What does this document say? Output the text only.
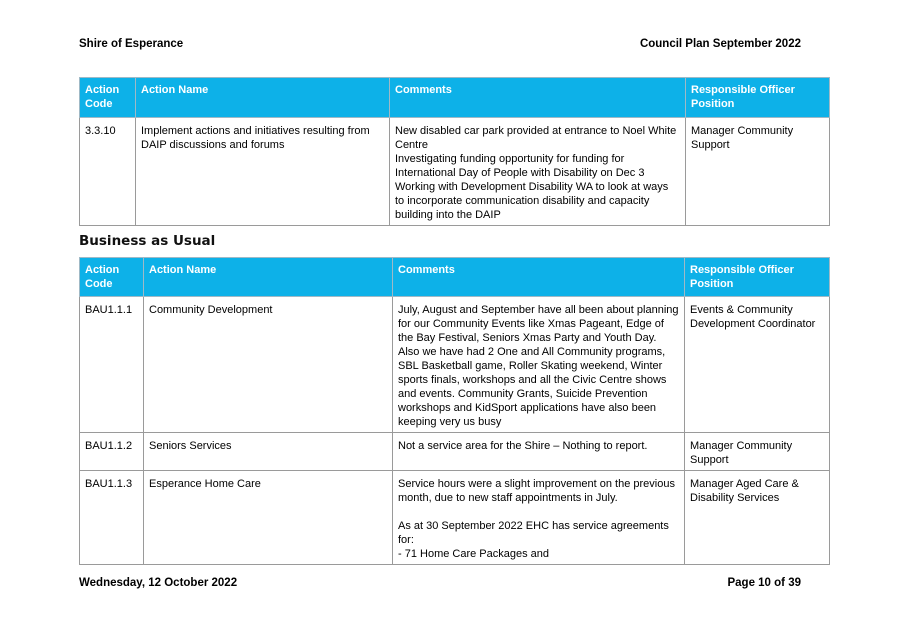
Shire of Esperance	Council Plan September 2022
Action Code	Action Name	Comments	Responsible Officer Position
3.3.10	Implement actions and initiatives resulting from DAIP discussions and forums	New disabled car park provided at entrance to Noel White Centre
Investigating funding opportunity for funding for International Day of People with Disability on Dec 3
Working with Development Disability WA to look at ways to incorporate communication disability and capacity building into the DAIP	Manager Community Support
Business as Usual
Action Code	Action Name	Comments	Responsible Officer Position
BAU1.1.1	Community Development	July, August and September have all been about planning for our Community Events like Xmas Pageant, Edge of the Bay Festival, Seniors Xmas Party and Youth Day. Also we have had 2 One and All Community programs, SBL Basketball game, Roller Skating weekend, Winter sports finals, workshops and all the Civic Centre shows and events. Community Grants, Suicide Prevention workshops and KidSport applications have also been keeping very us busy	Events & Community Development Coordinator
BAU1.1.2	Seniors Services	Not a service area for the Shire – Nothing to report.	Manager Community Support
BAU1.1.3	Esperance Home Care	Service hours were a slight improvement on the previous month, due to new staff appointments in July.

As at 30 September 2022 EHC has service agreements for:
- 71 Home Care Packages and	Manager Aged Care & Disability Services
Wednesday, 12 October 2022	Page 10 of 39
